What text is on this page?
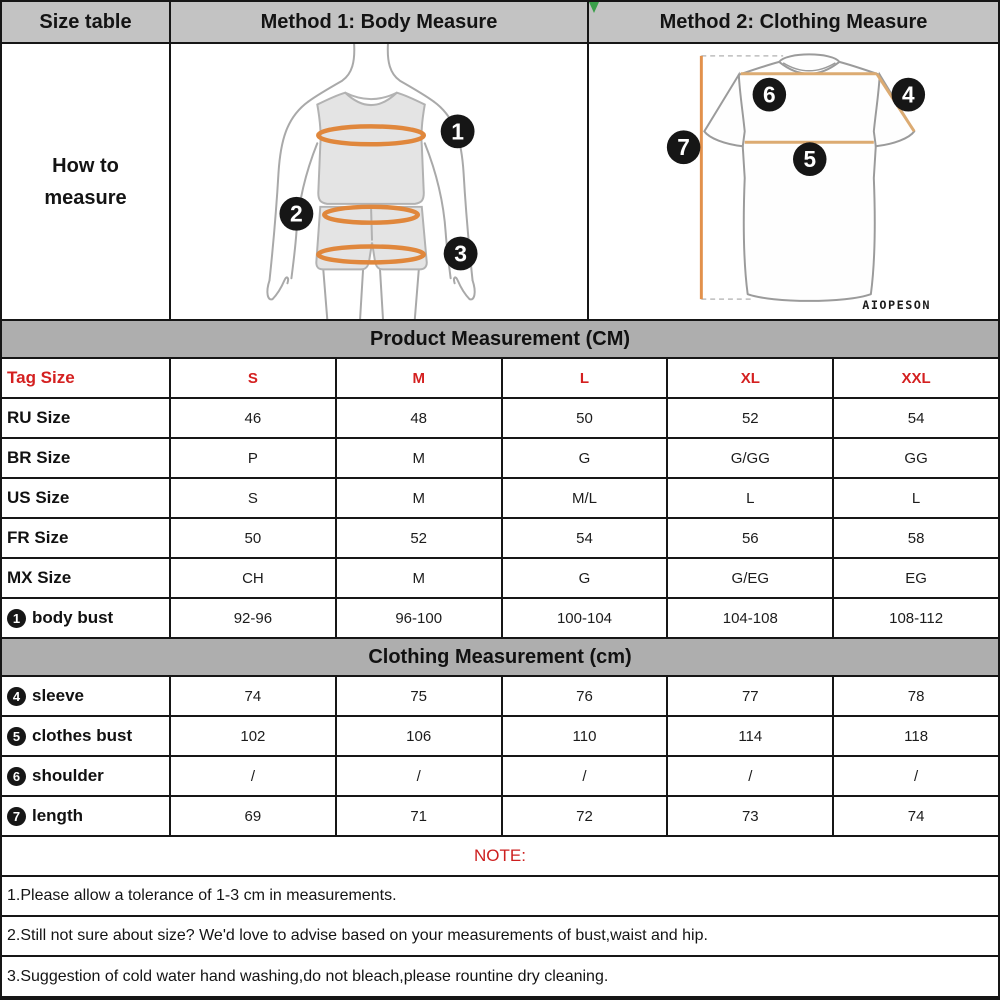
Size table	Method 1: Body Measure	Method 2: Clothing Measure
How to measure
1
2
3
6	4
5
7
AIOPESON
Product Measurement (CM)
Tag Size	S	M	L	XL	XXL
RU Size	46	48	50	52	54
BR Size	P	M	G	G/GG	GG
US Size	S	M	M/L	L	L
FR Size	50	52	54	56	58
MX Size	CH	M	G	G/EG	EG
1 body bust	92-96	96-100	100-104	104-108	108-112
Clothing Measurement (cm)
4 sleeve	74	75	76	77	78
5 clothes bust	102	106	110	114	118
6 shoulder	/	/	/	/	/
7 length	69	71	72	73	74
NOTE:
1.Please allow a tolerance of 1-3 cm in measurements.
2.Still not sure about size? We'd love to advise based on your measurements of bust,waist and hip.
3.Suggestion of cold water hand washing,do not bleach,please rountine dry cleaning.
